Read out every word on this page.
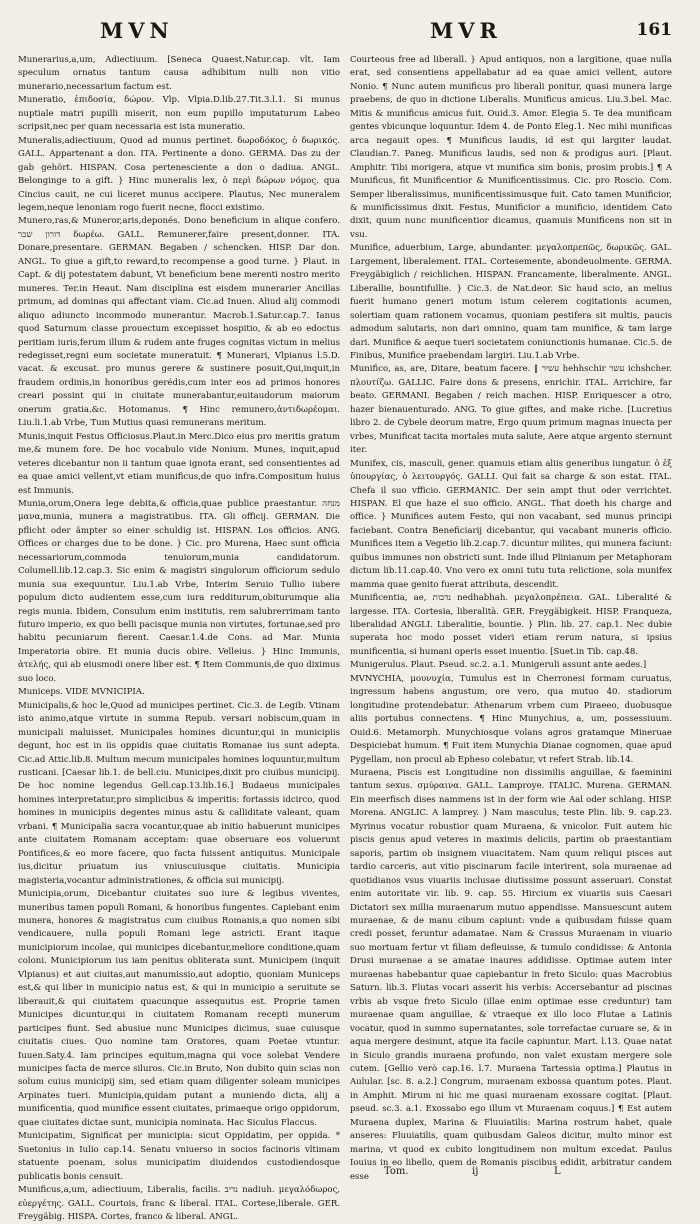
MVN	MVR	161

Munerarius,a,um, Adiectiuum. [Seneca Quaest.Natur.cap. vlt. Iam speculum ornatus tantum causa adhibitum nulli non vitio munerario,necessarium factum est.

Muneratio, ἐπιδοσία, δώρον. Vlp. Vlpia.D.lib.27.Tit.3.l.1. Si munus nuptiale matri pupilli miserit, non eum pupillo imputaturum Labeo scripsit,nec per quam necessaria est ista muneratio.

Muneralis,adiectiuum, Quod ad munus pertinet. δωροδόκος, ὁ δωρικός. GALL. Appartenant a don. ITA. Pertinente a dono. GERMA. Das zu der gab gehört. HISPAN. Cosa pertenesciente a don o dadiua. ANGL. Belonginge to a gift. } Hinc muneralis lex, ὁ περὶ δώρων νόμος. qua Cincius cauit, ne cui liceret munus accipere. Plautus, Nec muneralem legem,neque lenoniam rogo fuerit necne, flocci existimo.

Munero,ras,& Muneror,aris,deponés. Dono beneficium in alique confero. דורון שׁכר δωρέω. GALL. Remunerer,faire present,donner. ITA. Donare,presentare. GERMAN. Begaben / schencken. HISP. Dar don. ANGL. To giue a gift,to reward,to recompense a good turne. } Plaut. in Capt. & dij potestatem dabunt, Vt beneficium bene merenti nostro merito muneres. Ter.in Heaut. Nam disciplina est eisdem munerarier Ancillas primum, ad dominas qui affectant viam. Cic.ad Inuen. Aliud alij commodi aliquo adiuncto incommodo munerantur. Macrob.1.Satur.cap.7. Ianus quod Saturnum classe prouectum excepisset hospitio, & ab eo edoctus peritiam iuris,ferum illum & rudem ante fruges cognitas victum in melius redegisset,regni eum societate muneratuit. ¶ Munerari, Vlpianus l.5.D. vacat. & excusat. pro munus gerere & sustinere posuit,Qui,inquit,in fraudem ordinis,in honoribus gerédis,cum inter eos ad primos honores creari possint qui in ciuitate munerabantur,euitaudorum maiorum onerum gratia.&c. Hotomanus. ¶ Hinc remunero,ἀντιδωρέομαι. Liu.li.1.ab Vrbe, Tum Mutius quasi remunerans meritum.

Munis,inquit Festus Officiosus.Plaut.in Merc.Dico eius pro meritis gratum me,& munem fore. De hoc vocabulo vide Nonium. Munes, inquit,apud veteres dicebantur non ii tantum quae ignota erant, sed consentientes ad ea quae amici vellent,vt etiam munificus,de quo infra.Compositum huius est Immunis.

Munia,orum,Onera lege debita,& officia,quae publice praestantur. מנחה μανα,munia, munera a magistratibus. ITA. Gli officij. GERMAN. Die pflicht oder ämpter so einer schuldig ist. HISPAN. Los officios. ANG. Offices or charges due to be done. } Cic. pro Murena, Haec sunt officia necessariorum,commoda tenuiorum,munia candidatorum. Columell.lib.12.cap.3. Sic enim & magistri singulorum officiorum sedulo munia sua exequuntur. Liu.1.ab Vrbe, Interim Seruio Tullio iubere populum dicto audientem esse,cum iura redditurum,obiturumque alia regis munia. Ibidem, Consulum enim institutis, rem salubrerrimam tanto futuro imperio, ex quo belli pacisque munia non virtutes, fortunae,sed pro habitu pecuniarum fierent. Caesar.1.4.de Cons. ad Mar. Munia Imperatoria obire. Et munia ducis obire. Velleius. } Hinc Immunis, ἀτελής, qui ab eiusmodi onere liber est. ¶ Item Communis,de quo diximus suo loco.

Municeps. VIDE MVNICIPIA.

Municipalis,& hoc le,Quod ad municipes pertinet. Cic.3. de Legib. Vtinam isto animo,atque virtute in summa Repub. versari nobiscum,quam in municipali maluisset. Municipales homines dicuntur,qui in municipiis degunt, hoc est in iis oppidis quae ciuitatis Romanae ius sunt adepta. Cic.ad Attic.lib.8. Multum mecum municipales homines loquuntur,multum rusticani. [Caesar lib.1. de bell.ciu. Municipes,dixit pro ciuibus municipij. De hoc nomine legendus Gell.cap.13.lib.16.] Budaeus municipales homines interpretatur,pro simplicibus & imperitis: fortassis idcirco, quod homines in municipiis degentes minus astu & calliditate valeant, quam vrbani. ¶ Municipalia sacra vocantur,quae ab initio habuerunt municipes ante ciuitatem Romanam acceptam: quae obseruare eos voluerunt Pontifices,& eo more facere, quo facta fuissent antiquitus. Municipale ius,dicitur priuatum ius vniuscuiusque ciuitatis. Municipia magisteria,vocantur administrationes, & officia sui municipij.

Municipia,orum, Dicebantur ciuitates suo iure & legibus viventes, muneribus tamen populi Romani, & honoribus fungentes. Capiebant enim munera, honores & magistratus cum ciuibus Romanis,a quo nomen sibi vendicauere, nulla populi Romani lege astricti. Erant itaque municipiorum incolae, qui municipes dicebantur,meliore conditione,quam coloni. Municipiorum ius iam penitus obliterata sunt. Municipem (inquit Vlpianus) et aut ciuitas,aut manumissio,aut adoptio, quoniam Municeps est,& qui liber in municipio natus est, & qui in municipio a seruitute se liberauit,& qui ciuitatem quacunque assequutus est. Proprie tamen Municipes dicuntur,qui in ciuitatem Romanam recepti munerum participes fiunt. Sed abusiue nunc Municipes dicimus, suae cuiusque ciuitatis ciues. Quo nomine tam Oratores, quam Poetae vtuntur. Iuuen.Saty.4. Iam principes equitum,magna qui voce solebat Vendere municipes facta de merce siluros. Cic.in Bruto, Non dubito quin scias non solum cuius municipij sim, sed etiam quam diligenter soleam municipes Arpinates tueri. Municipia,quidam putant a muniendo dicta, alij a munificentia, quod munifice essent ciuitates, primaeque origo oppidorum, quae ciuitates dictae sunt, municipia nominata. Hac Siculus Flaccus.

Municipatim, Significat per municipia: sicut Oppidatim, per oppida. * Suetonius in Iulio cap.14. Senatu vniuerso in socios facinoris vltimam statuente poenam, solus municipatim diuidendos custodiendosque publicatis bonis censuit.

Munificus,a,um, adiectiuum, Liberalis, facilis. נדיב nadiuh. μεγαλόδωρος, εὐεργέτης. GALL. Courtois, franc & liberal. ITAL. Cortese,liberale. GER. Freygäbig. HISPA. Cortes, franco & liberal. ANGL.

Courteous free ad liberall. } Apud antiquos, non a largitione, quae nulla erat, sed consentiens appellabatur ad ea quae amici vellent, autore Nonio. ¶ Nunc autem munificus pro liberali ponitur, quasi munera large praebens, de quo in dictione Liberalis. Munificus amicus. Liu.3.bel. Mac. Mitis & munificus amicus fuit. Ouid.3. Amor. Elegia 5. Te dea munificam gentes vbicunque loquuntur. Idem 4. de Ponto Eleg.1. Nec mihi munificas arca negauit opes. ¶ Munificus laudis, id est qui largiter laudat. Claudian.7. Paneg. Munificus laudis, sed non & prodigus auri. [Plaut. Amphitr. Tibi morigera, atque vt munifica sim bonis, prosim probis.] ¶ A Munificus, fit Munificentior & Munificentissimus. Cic. pro Roscio. Com. Semper liberalissimus, munificentissimusque fuit. Cato tamen Munificior, & munificissimus dixit. Festus, Munificior a munificio, identidem Cato dixit, quum nunc munificentior dicamus, quamuis Munificens non sit in vsu.

Munifice, aduerbium, Large, abundanter. μεγαλοπρεπῶς, δωρικῶς. GAL. Largement, liberalement. ITAL. Cortesemente, abondeuolmente. GERMA. Freygäbiglich / reichlichen. HISPAN. Francamente, liberalmente. ANGL. Liberallie, bountifullie. } Cic.3. de Nat.deor. Sic haud scio, an melius fuerit humano generi motum istum celerem cogitationis acumen, solertiam quam rationem vocamus, quoniam pestifera sit multis, paucis admodum salutaris, non dari omnino, quam tam munifice, & tam large dari. Munifice & aeque tueri societatem coniunctionis humanae. Cic.5. de Finibus, Munifice praebendam largiri. Liu.1.ab Vrbe.

Munifico, as, are, Ditare, beatum facere. ‖ עשיר hehhschir עשר ichshcher. πλουτίζω. GALLIC. Faire dons & presens, enrichir. ITAL. Arrichire, far beato. GERMANI. Begaben / reich machen. HISP. Enriquescer a otro, hazer bienauenturado. ANG. To giue giftes, and make riche. [Lucretius libro 2. de Cybele deorum matre, Ergo quum primum magnas inuecta per vrbes, Munificat tacita mortales muta salute, Aere atque argento sternunt iter.

Munifex, cis, masculi, gener. quamuis etiam aliis generibus iungatur. ὁ ἐξ ὑπουργίας, ὁ λειτουργός. GALLI. Qui fait sa charge & son estat. ITAL. Chefa il suo vfficio. GERMANIC. Der sein ampt thut oder verrichtet. HISPAN. El que haze el suo officio. ANGL. That doeth his charge and office. } Munifices autem Festo, qui non vacabant, sed munus principi faciebant. Contra Beneficiarij dicebantur, qui vacabant muneris officio. Munifices item a Vegetio lib.2.cap.7. dicuntur milites, qui munera faciunt: quibus immunes non obstricti sunt. Inde illud Plinianum per Metaphoram dictum lib.11.cap.40. Vno vero ex omni tutu tuta relictione, sola munifex mamma quae genito fuerat attributa, descendit.

Munificentia, ae, נדבות nedhabhah. μεγαλοπρέπεια. GAL. Liberalité & largesse. ITA. Cortesia, liberalità. GER. Freygäbigkeit. HISP. Franqueza, liberalidad ANGLI. Liberalitie, bountie. } Plin. lib. 27. cap.1. Nec dubie superata hoc modo posset videri etiam rerum natura, si ipsius munificentia, si humani operis esset inuentio. [Suet.in Tib. cap.48.

Munigerulus. Plaut. Pseud. sc.2. a.1. Munigeruli assunt ante aedes.]

MVNYCHIA, μουνυχία, Tumulus est in Cherronesi formam curuatus, ingressum habens angustum, ore vero, qua mutuo 40. stadiorum longitudine protendebatur. Athenarum vrbem cum Piraeeo, duobusque aliis portubus connectens. ¶ Hinc Munychius, a, um, possessiuum. Ouid.6. Metamorph. Munychiosque volans agros gratamque Mineruae Despiciebat humum. ¶ Fuit item Munychia Dianae cognomen, quae apud Pygellam, non procul ab Epheso colebatur, vt refert Strab. lib.14.

Muraena, Piscis est Longitudine non dissimilis anguillae, & faeminini tantum sexus. σμύραινα. GALL. Lamproye. ITALIC. Murena. GERMAN. Ein meerfisch dises nammens ist in der form wie Aal oder schlang. HISP. Morena. ANGLIC. A lamprey. } Nam masculus, teste Plin. lib. 9. cap.23. Myrinus vocatur robustior quam Muraena, & vnicolor. Fuit autem hic piscis genus apud veteres in maximis deliciis, partim ob praestantiam saporis, partim ob insignem viuacitatem. Nam quum reliqui pisces aut tardio carceris, aut vitio piscinarum facile interirent, sola muraenae ad quotidianos vsus viuariis inclusae diutissime possunt asseruari. Constat enim autoritate vir. lib. 9. cap. 55. Hircium ex viuariis suis Caesari Dictatori sex millia muraenarum mutuo appendisse. Mansuescunt autem muraenae, & de manu cibum capiunt: vnde a quibusdam fuisse quam credi posset, feruntur adamatae. Nam & Crassus Muraenam in viuario suo mortuam fertur vt filiam defleuisse, & tumulo condidisse: & Antonia Drusi muraenae a se amatae inaures addidisse. Optimae autem inter muraenas habebantur quae capiebantur in freto Siculo: quas Macrobius Saturn. lib.3. Flutas vocari asserit his verbis: Accersebantur ad piscinas vrbis ab vsque freto Siculo (illae enim optimae esse creduntur) tam muraenae quam anguillae, & vtraeque ex illo loco Flutae a Latinis vocatur, quod in summo supernatantes, sole torrefactae curuare se, & in aqua mergere desinunt, atque ita facile capiuntur. Mart. l.13. Quae natat in Siculo grandis muraena profundo, non valet exustam mergere sole cutem. [Gellio verò cap.16. l.7. Muraena Tartessia optima.] Plautus in Aulular. [sc. 8. a.2.] Congrum, muraenam exbossa quantum potes. Plaut. in Amphit. Mirum ni hic me quasi muraenam exossare cogitat. [Plaut. pseud. sc.3. a.1. Exossabo ego illum vt Muraenam coquus.] ¶ Est autem Muraena duplex, Marina & Fluuiatilis: Marina rostrum habet, quale anseres: Fluuiatilis, quam quibusdam Galeos dicitur, multo minor est marina, vt quod ex cubito longitudinem non multum excedat. Paulus Iouius in eo libello, quem de Romanis piscibus edidit, arbitratur candem esse	Tom.	ij	L
